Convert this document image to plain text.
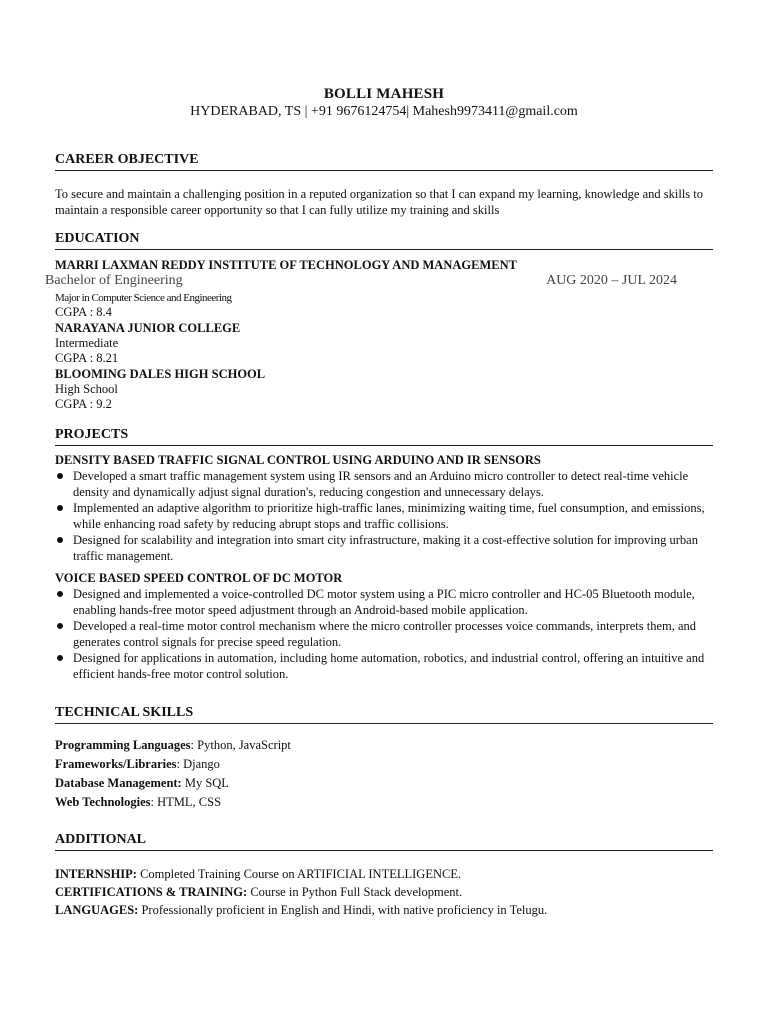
BOLLI MAHESH
HYDERABAD, TS | +91 9676124754| Mahesh9973411@gmail.com
CAREER OBJECTIVE
To secure and maintain a challenging position in a reputed organization so that I can expand my learning, knowledge and skills to maintain a responsible career opportunity so that I can fully utilize my training and skills
EDUCATION
MARRI LAXMAN REDDY INSTITUTE OF TECHNOLOGY AND MANAGEMENT
Bachelor of Engineering	AUG 2020 – JUL 2024
Major in Computer Science and Engineering
CGPA : 8.4
NARAYANA JUNIOR COLLEGE
Intermediate
CGPA : 8.21
BLOOMING DALES HIGH SCHOOL
High School
CGPA : 9.2
PROJECTS
DENSITY BASED TRAFFIC SIGNAL CONTROL USING ARDUINO AND IR SENSORS
Developed a smart traffic management system using IR sensors and an Arduino micro controller to detect real-time vehicle density and dynamically adjust signal duration's, reducing congestion and unnecessary delays.
Implemented an adaptive algorithm to prioritize high-traffic lanes, minimizing waiting time, fuel consumption, and emissions, while enhancing road safety by reducing abrupt stops and traffic collisions.
Designed for scalability and integration into smart city infrastructure, making it a cost-effective solution for improving urban traffic management.
VOICE BASED SPEED CONTROL OF DC MOTOR
Designed and implemented a voice-controlled DC motor system using a PIC micro controller and HC-05 Bluetooth module, enabling hands-free motor speed adjustment through an Android-based mobile application.
Developed a real-time motor control mechanism where the micro controller processes voice commands, interprets them, and generates control signals for precise speed regulation.
Designed for applications in automation, including home automation, robotics, and industrial control, offering an intuitive and efficient hands-free motor control solution.
TECHNICAL SKILLS
Programming Languages: Python, JavaScript
Frameworks/Libraries: Django
Database Management: My SQL
Web Technologies: HTML, CSS
ADDITIONAL
INTERNSHIP: Completed Training Course on ARTIFICIAL INTELLIGENCE.
CERTIFICATIONS & TRAINING: Course in Python Full Stack development.
LANGUAGES: Professionally proficient in English and Hindi, with native proficiency in Telugu.
